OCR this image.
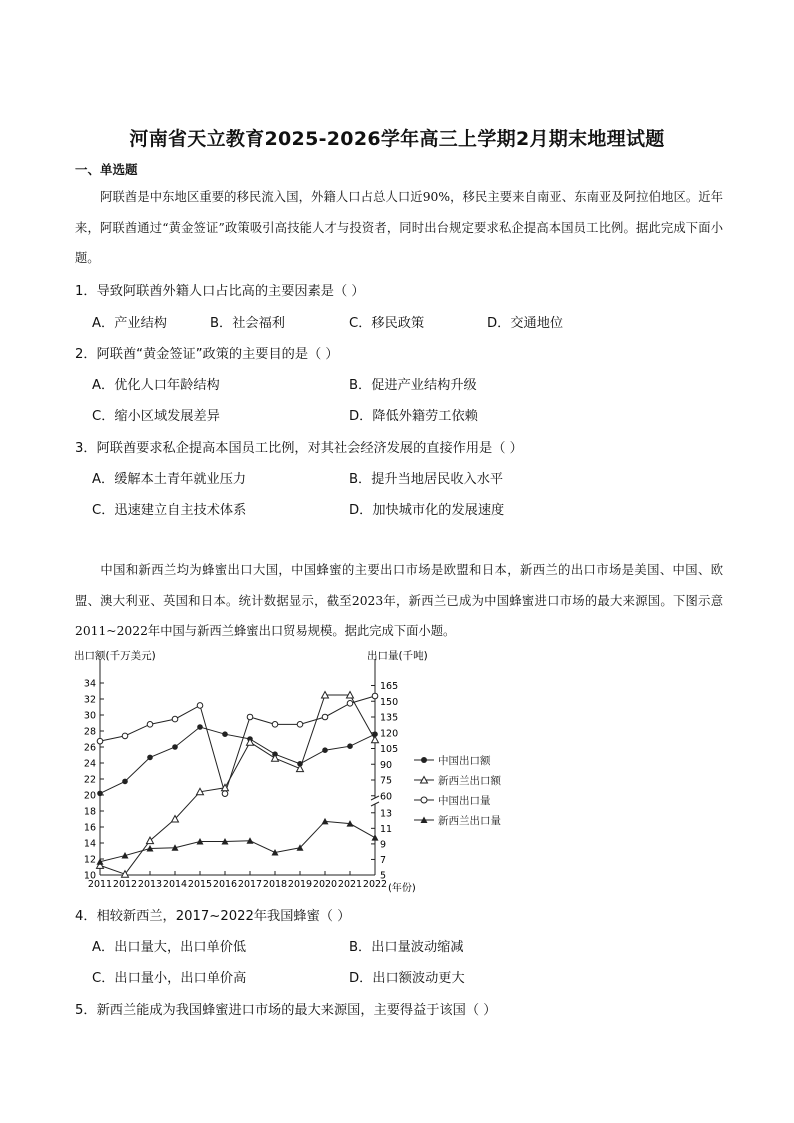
河南省天立教育2025-2026学年高三上学期2月期末地理试题
一、单选题

阿联酋是中东地区重要的移民流入国，外籍人口占总人口近90%，移民主要来自南亚、东南亚及阿拉伯地区。近年来，阿联酋通过“黄金签证”政策吸引高技能人才与投资者，同时出台规定要求私企提高本国员工比例。据此完成下面小题。

1．导致阿联酋外籍人口占比高的主要因素是（ ）
A．产业结构	B．社会福利	C．移民政策	D．交通地位
2．阿联酋“黄金签证”政策的主要目的是（ ）
A．优化人口年龄结构	B．促进产业结构升级
C．缩小区域发展差异	D．降低外籍劳工依赖
3．阿联酋要求私企提高本国员工比例，对其社会经济发展的直接作用是（ ）
A．缓解本土青年就业压力	B．提升当地居民收入水平
C．迅速建立自主技术体系	D．加快城市化的发展速度

中国和新西兰均为蜂蜜出口大国，中国蜂蜜的主要出口市场是欧盟和日本，新西兰的出口市场是美国、中国、欧盟、澳大利亚、英国和日本。统计数据显示，截至2023年，新西兰已成为中国蜂蜜进口市场的最大来源国。下图示意2011~2022年中国与新西兰蜂蜜出口贸易规模。据此完成下面小题。

出口额(千万美元)	出口量(千吨)
(年份)
10
12
14
16
18
20
22
24
26
28
30
32
34
60
75
90
105
120
135
150
165
5
7
9
11
13
2011 2012 2013 2014 2015 2016 2017 2018 2019 2020 2021 2022
中国出口额
新西兰出口额
中国出口量
新西兰出口量
4．相较新西兰，2017~2022年我国蜂蜜（ ）
A．出口量大，出口单价低	B．出口量波动缩减
C．出口量小，出口单价高	D．出口额波动更大
5．新西兰能成为我国蜂蜜进口市场的最大来源国，主要得益于该国（ ）
